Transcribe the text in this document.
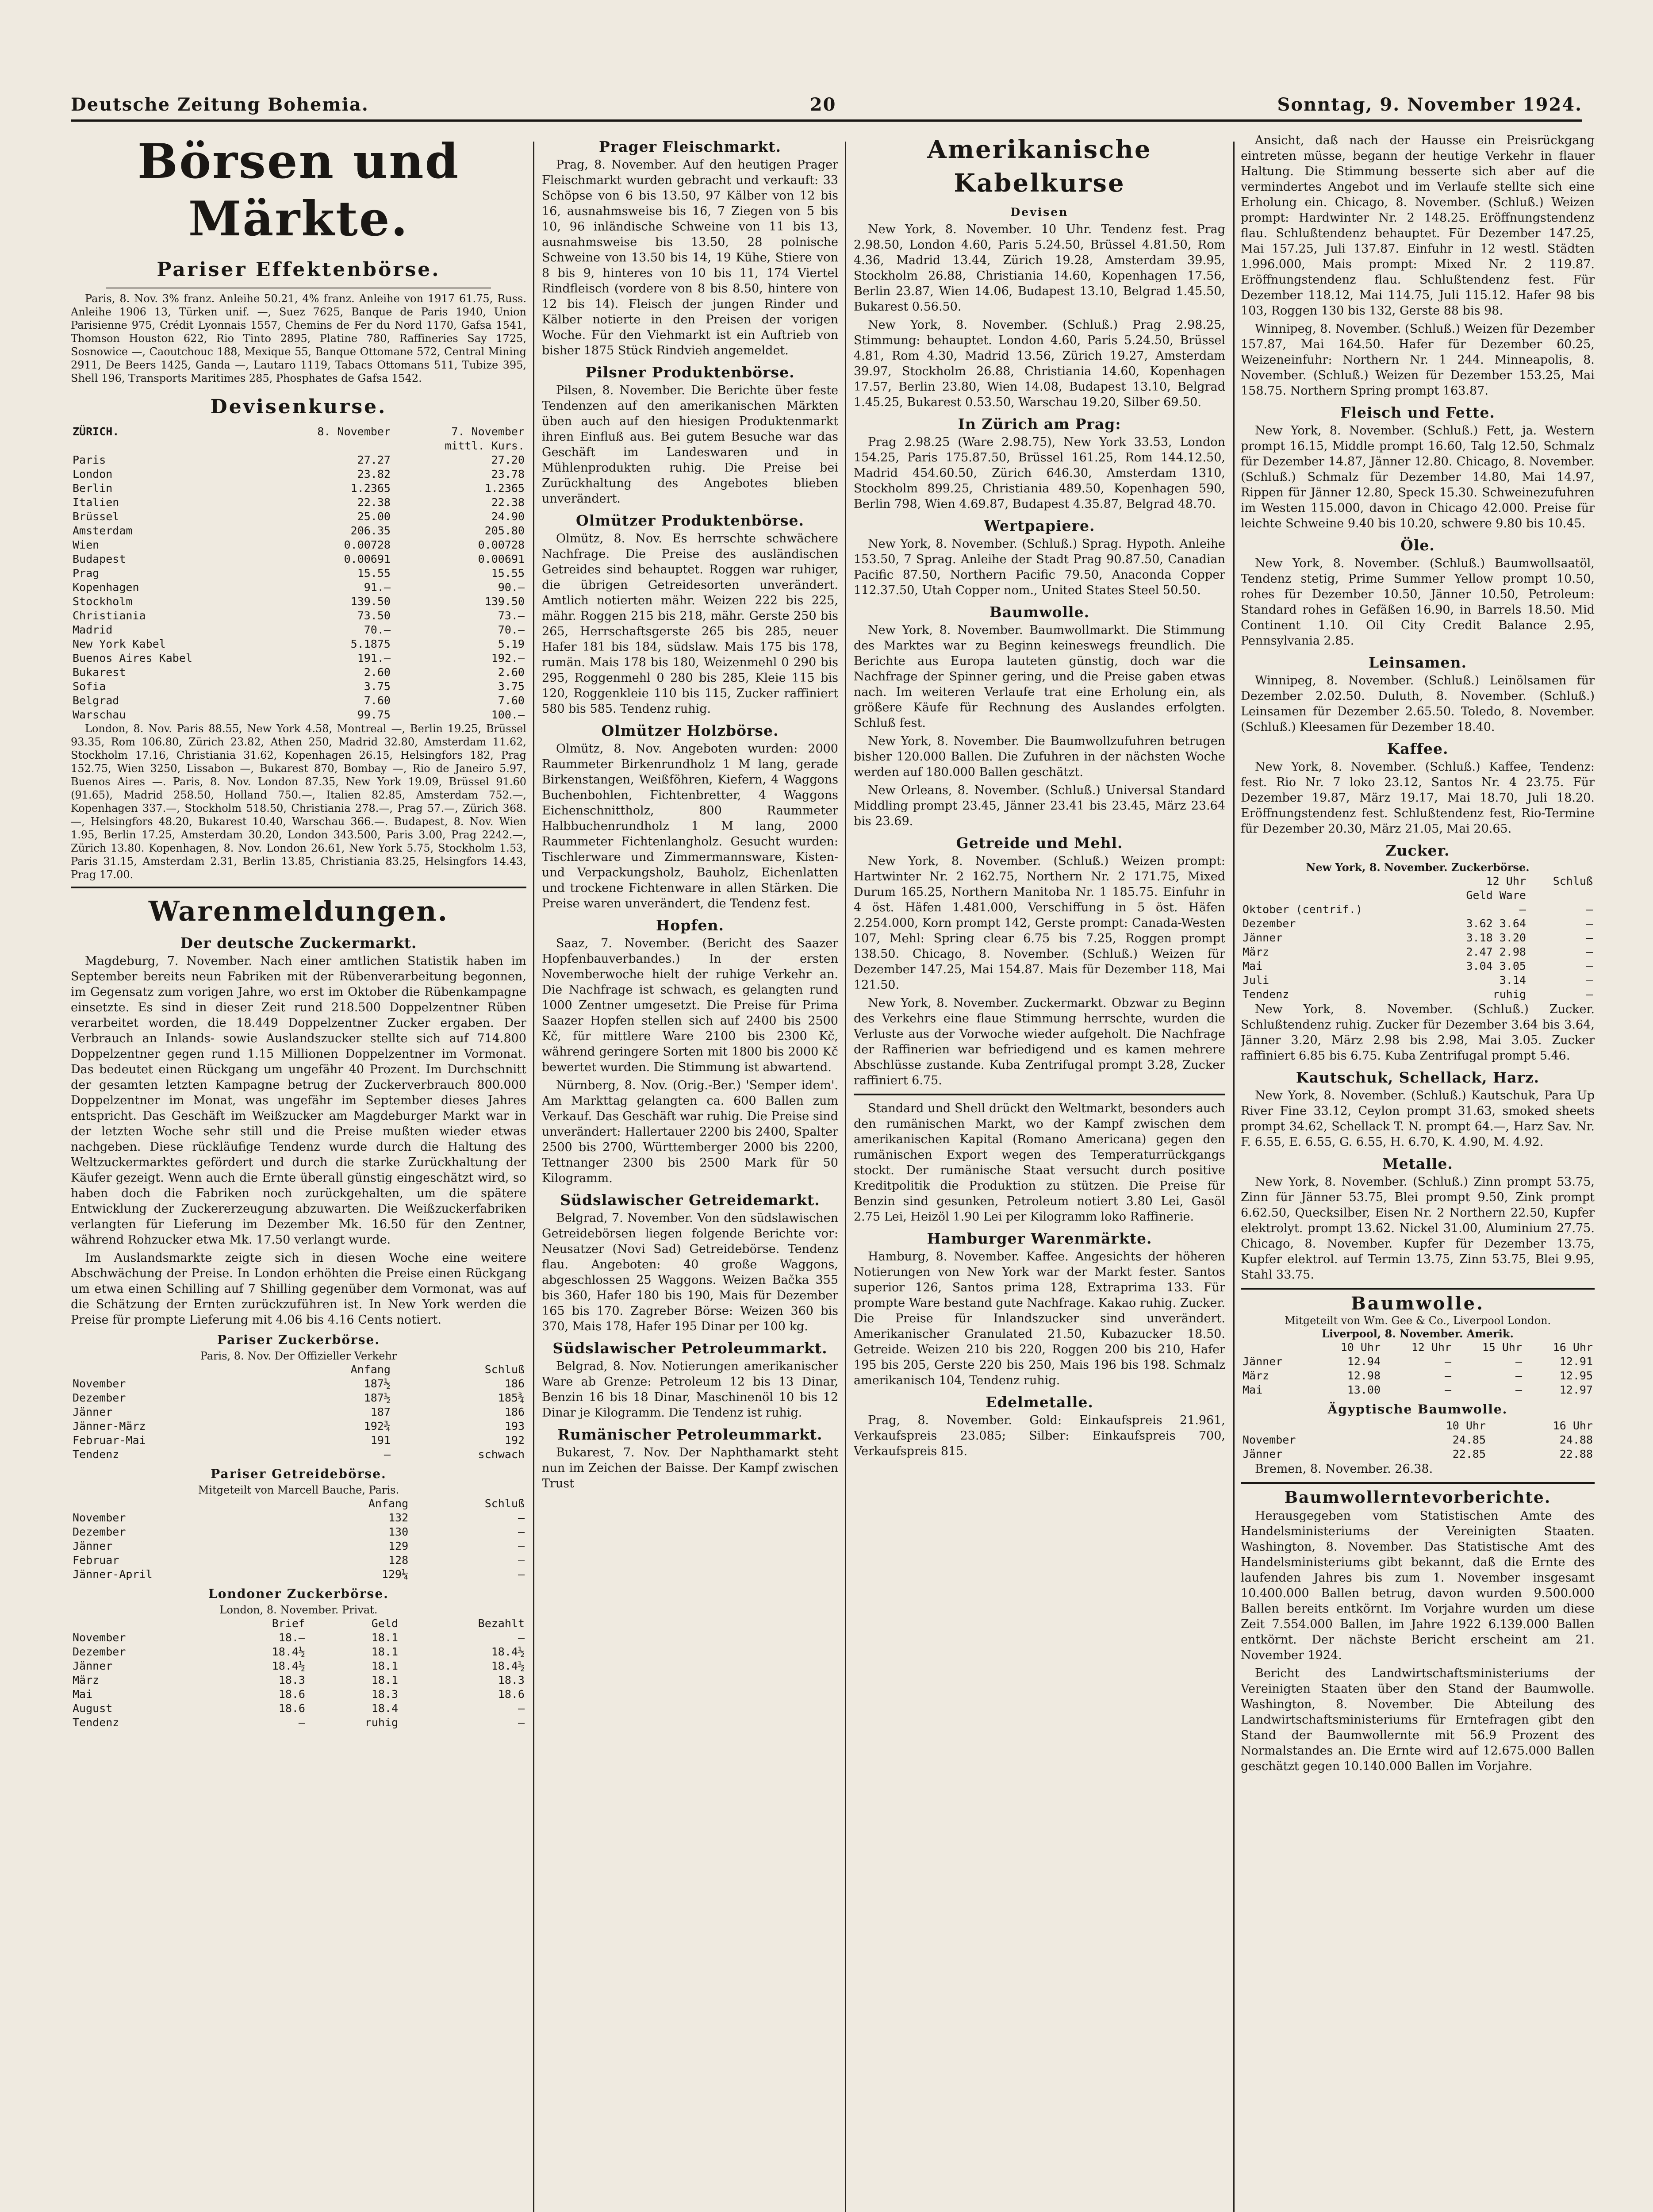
Deutsche Zeitung Bohemia.	20	Sonntag, 9. November 1924.
Börsen und Märkte.
Pariser Effektenbörse.

Paris, 8. Nov. 3% franz. Anleihe 50.21, 4% franz. Anleihe von 1917 61.75, Russ. Anleihe 1906 13, Türken unif. —, Suez 7625, Banque de Paris 1940, Union Parisienne 975, Crédit Lyonnais 1557, Chemins de Fer du Nord 1170, Gafsa 1541, Thomson Houston 622, Rio Tinto 2895, Platine 780, Raffineries Say 1725, Sosnowice —, Caoutchouc 188, Mexique 55, Banque Ottomane 572, Central Mining 2911, De Beers 1425, Ganda —, Lautaro 1119, Tabacs Ottomans 511, Tubize 395, Shell 196, Transports Maritimes 285, Phosphates de Gafsa 1542.

Devisenkurse.
ZÜRICH.	8. November	7. November
		mittl. Kurs.
Paris	27.27	27.20
London	23.82	23.78
Berlin	1.2365	1.2365
Italien	22.38	22.38
Brüssel	25.00	24.90
Amsterdam	206.35	205.80
Wien	0.00728	0.00728
Budapest	0.00691	0.00691
Prag	15.55	15.55
Kopenhagen	91.—	90.—
Stockholm	139.50	139.50
Christiania	73.50	73.—
Madrid	70.—	70.—
New York Kabel	5.1875	5.19
Buenos Aires Kabel	191.—	192.—
Bukarest	2.60	2.60
Sofia	3.75	3.75
Belgrad	7.60	7.60
Warschau	99.75	100.—

London, 8. Nov. Paris 88.55, New York 4.58, Montreal —, Berlin 19.25, Brüssel 93.35, Rom 106.80, Zürich 23.82, Athen 250, Madrid 32.80, Amsterdam 11.62, Stockholm 17.16, Christiania 31.62, Kopenhagen 26.15, Helsingfors 182, Prag 152.75, Wien 3250, Lissabon —, Bukarest 870, Bombay —, Rio de Janeiro 5.97, Buenos Aires —. Paris, 8. Nov. London 87.35, New York 19.09, Brüssel 91.60 (91.65), Madrid 258.50, Holland 750.—, Italien 82.85, Amsterdam 752.—, Kopenhagen 337.—, Stockholm 518.50, Christiania 278.—, Prag 57.—, Zürich 368.—, Helsingfors 48.20, Bukarest 10.40, Warschau 366.—. Budapest, 8. Nov. Wien 1.95, Berlin 17.25, Amsterdam 30.20, London 343.500, Paris 3.00, Prag 2242.—, Zürich 13.80. Kopenhagen, 8. Nov. London 26.61, New York 5.75, Stockholm 1.53, Paris 31.15, Amsterdam 2.31, Berlin 13.85, Christiania 83.25, Helsingfors 14.43, Prag 17.00.

Warenmeldungen.
Der deutsche Zuckermarkt.

Magdeburg, 7. November. Nach einer amtlichen Statistik haben im September bereits neun Fabriken mit der Rübenverarbeitung begonnen, im Gegensatz zum vorigen Jahre, wo erst im Oktober die Rübenkampagne einsetzte. Es sind in dieser Zeit rund 218.500 Doppelzentner Rüben verarbeitet worden, die 18.449 Doppelzentner Zucker ergaben. Der Verbrauch an Inlands- sowie Auslandszucker stellte sich auf 714.800 Doppelzentner gegen rund 1.15 Millionen Doppelzentner im Vormonat. Das bedeutet einen Rückgang um ungefähr 40 Prozent. Im Durchschnitt der gesamten letzten Kampagne betrug der Zuckerverbrauch 800.000 Doppelzentner im Monat, was ungefähr im September dieses Jahres entspricht. Das Geschäft im Weißzucker am Magdeburger Markt war in der letzten Woche sehr still und die Preise mußten wieder etwas nachgeben. Diese rückläufige Tendenz wurde durch die Haltung des Weltzuckermarktes gefördert und durch die starke Zurückhaltung der Käufer gezeigt. Wenn auch die Ernte überall günstig eingeschätzt wird, so haben doch die Fabriken noch zurückgehalten, um die spätere Entwicklung der Zuckererzeugung abzuwarten. Die Weißzuckerfabriken verlangten für Lieferung im Dezember Mk. 16.50 für den Zentner, während Rohzucker etwa Mk. 17.50 verlangt wurde.

Im Auslandsmarkte zeigte sich in diesen Woche eine weitere Abschwächung der Preise. In London erhöhten die Preise einen Rückgang um etwa einen Schilling auf 7 Shilling gegenüber dem Vormonat, was auf die Schätzung der Ernten zurückzuführen ist. In New York werden die Preise für prompte Lieferung mit 4.06 bis 4.16 Cents notiert.

Pariser Zuckerbörse.
Paris, 8. Nov. Der Offizieller Verkehr
	Anfang	Schluß
November	187½	186
Dezember	187½	185¾
Jänner	187	186
Jänner-März	192¾	193
Februar-Mai	191	192
Tendenz	—	schwach
Pariser Getreidebörse.
Mitgeteilt von Marcell Bauche, Paris.
	Anfang	Schluß
November	132	—
Dezember	130	—
Jänner	129	—
Februar	128	—
Jänner-April	129¼	—
Londoner Zuckerbörse.
London, 8. November. Privat.
	Brief	Geld	Bezahlt
November	18.—	18.1	—
Dezember	18.4½	18.1	18.4½
Jänner	18.4½	18.1	18.4½
März	18.3	18.1	18.3
Mai	18.6	18.3	18.6
August	18.6	18.4	—
Tendenz	—	ruhig	—
Prager Fleischmarkt.

Prag, 8. November. Auf den heutigen Prager Fleischmarkt wurden gebracht und verkauft: 33 Schöpse von 6 bis 13.50, 97 Kälber von 12 bis 16, ausnahmsweise bis 16, 7 Ziegen von 5 bis 10, 96 inländische Schweine von 11 bis 13, ausnahmsweise bis 13.50, 28 polnische Schweine von 13.50 bis 14, 19 Kühe, Stiere von 8 bis 9, hinteres von 10 bis 11, 174 Viertel Rindfleisch (vordere von 8 bis 8.50, hintere von 12 bis 14). Fleisch der jungen Rinder und Kälber notierte in den Preisen der vorigen Woche. Für den Viehmarkt ist ein Auftrieb von bisher 1875 Stück Rindvieh angemeldet.

Pilsner Produktenbörse.

Pilsen, 8. November. Die Berichte über feste Tendenzen auf den amerikanischen Märkten üben auch auf den hiesigen Produktenmarkt ihren Einfluß aus. Bei gutem Besuche war das Geschäft im Landeswaren und in Mühlenprodukten ruhig. Die Preise bei Zurückhaltung des Angebotes blieben unverändert.

Olmützer Produktenbörse.

Olmütz, 8. Nov. Es herrschte schwächere Nachfrage. Die Preise des ausländischen Getreides sind behauptet. Roggen war ruhiger, die übrigen Getreidesorten unverändert. Amtlich notierten mähr. Weizen 222 bis 225, mähr. Roggen 215 bis 218, mähr. Gerste 250 bis 265, Herrschaftsgerste 265 bis 285, neuer Hafer 181 bis 184, südslaw. Mais 175 bis 178, rumän. Mais 178 bis 180, Weizenmehl 0 290 bis 295, Roggenmehl 0 280 bis 285, Kleie 115 bis 120, Roggenkleie 110 bis 115, Zucker raffiniert 580 bis 585. Tendenz ruhig.

Olmützer Holzbörse.

Olmütz, 8. Nov. Angeboten wurden: 2000 Raummeter Birkenrundholz 1 M lang, gerade Birkenstangen, Weißföhren, Kiefern, 4 Waggons Buchenbohlen, Fichtenbretter, 4 Waggons Eichenschnittholz, 800 Raummeter Halbbuchenrundholz 1 M lang, 2000 Raummeter Fichtenlangholz. Gesucht wurden: Tischlerware und Zimmermannsware, Kisten- und Verpackungsholz, Bauholz, Eichenlatten und trockene Fichtenware in allen Stärken. Die Preise waren unverändert, die Tendenz fest.

Hopfen.

Saaz, 7. November. (Bericht des Saazer Hopfenbauverbandes.) In der ersten Novemberwoche hielt der ruhige Verkehr an. Die Nachfrage ist schwach, es gelangten rund 1000 Zentner umgesetzt. Die Preise für Prima Saazer Hopfen stellen sich auf 2400 bis 2500 Kč, für mittlere Ware 2100 bis 2300 Kč, während geringere Sorten mit 1800 bis 2000 Kč bewertet wurden. Die Stimmung ist abwartend.

Nürnberg, 8. Nov. (Orig.-Ber.) 'Semper idem'. Am Markttag gelangten ca. 600 Ballen zum Verkauf. Das Geschäft war ruhig. Die Preise sind unverändert: Hallertauer 2200 bis 2400, Spalter 2500 bis 2700, Württemberger 2000 bis 2200, Tettnanger 2300 bis 2500 Mark für 50 Kilogramm.

Südslawischer Getreidemarkt.

Belgrad, 7. November. Von den südslawischen Getreidebörsen liegen folgende Berichte vor: Neusatzer (Novi Sad) Getreidebörse. Tendenz flau. Angeboten: 40 große Waggons, abgeschlossen 25 Waggons. Weizen Bačka 355 bis 360, Hafer 180 bis 190, Mais für Dezember 165 bis 170. Zagreber Börse: Weizen 360 bis 370, Mais 178, Hafer 195 Dinar per 100 kg.

Südslawischer Petroleummarkt.

Belgrad, 8. Nov. Notierungen amerikanischer Ware ab Grenze: Petroleum 12 bis 13 Dinar, Benzin 16 bis 18 Dinar, Maschinenöl 10 bis 12 Dinar je Kilogramm. Die Tendenz ist ruhig.

Rumänischer Petroleummarkt.

Bukarest, 7. Nov. Der Naphthamarkt steht nun im Zeichen der Baisse. Der Kampf zwischen Trust

Amerikanische Kabelkurse
Devisen

New York, 8. November. 10 Uhr. Tendenz fest. Prag 2.98.50, London 4.60, Paris 5.24.50, Brüssel 4.81.50, Rom 4.36, Madrid 13.44, Zürich 19.28, Amsterdam 39.95, Stockholm 26.88, Christiania 14.60, Kopenhagen 17.56, Berlin 23.87, Wien 14.06, Budapest 13.10, Belgrad 1.45.50, Bukarest 0.56.50.

New York, 8. November. (Schluß.) Prag 2.98.25, Stimmung: behauptet. London 4.60, Paris 5.24.50, Brüssel 4.81, Rom 4.30, Madrid 13.56, Zürich 19.27, Amsterdam 39.97, Stockholm 26.88, Christiania 14.60, Kopenhagen 17.57, Berlin 23.80, Wien 14.08, Budapest 13.10, Belgrad 1.45.25, Bukarest 0.53.50, Warschau 19.20, Silber 69.50.

In Zürich am Prag:

Prag 2.98.25 (Ware 2.98.75), New York 33.53, London 154.25, Paris 175.87.50, Brüssel 161.25, Rom 144.12.50, Madrid 454.60.50, Zürich 646.30, Amsterdam 1310, Stockholm 899.25, Christiania 489.50, Kopenhagen 590, Berlin 798, Wien 4.69.87, Budapest 4.35.87, Belgrad 48.70.

Wertpapiere.

New York, 8. November. (Schluß.) Sprag. Hypoth. Anleihe 153.50, 7 Sprag. Anleihe der Stadt Prag 90.87.50, Canadian Pacific 87.50, Northern Pacific 79.50, Anaconda Copper 112.37.50, Utah Copper nom., United States Steel 50.50.

Baumwolle.

New York, 8. November. Baumwollmarkt. Die Stimmung des Marktes war zu Beginn keineswegs freundlich. Die Berichte aus Europa lauteten günstig, doch war die Nachfrage der Spinner gering, und die Preise gaben etwas nach. Im weiteren Verlaufe trat eine Erholung ein, als größere Käufe für Rechnung des Auslandes erfolgten. Schluß fest.

New York, 8. November. Die Baumwollzufuhren betrugen bisher 120.000 Ballen. Die Zufuhren in der nächsten Woche werden auf 180.000 Ballen geschätzt.

New Orleans, 8. November. (Schluß.) Universal Standard Middling prompt 23.45, Jänner 23.41 bis 23.45, März 23.64 bis 23.69.

Getreide und Mehl.

New York, 8. November. (Schluß.) Weizen prompt: Hartwinter Nr. 2 162.75, Northern Nr. 2 171.75, Mixed Durum 165.25, Northern Manitoba Nr. 1 185.75. Einfuhr in 4 öst. Häfen 1.481.000, Verschiffung in 5 öst. Häfen 2.254.000, Korn prompt 142, Gerste prompt: Canada-Westen 107, Mehl: Spring clear 6.75 bis 7.25, Roggen prompt 138.50. Chicago, 8. November. (Schluß.) Weizen für Dezember 147.25, Mai 154.87. Mais für Dezember 118, Mai 121.50.

New York, 8. November. Zuckermarkt. Obzwar zu Beginn des Verkehrs eine flaue Stimmung herrschte, wurden die Verluste aus der Vorwoche wieder aufgeholt. Die Nachfrage der Raffinerien war befriedigend und es kamen mehrere Abschlüsse zustande. Kuba Zentrifugal prompt 3.28, Zucker raffiniert 6.75.

Standard und Shell drückt den Weltmarkt, besonders auch den rumänischen Markt, wo der Kampf zwischen dem amerikanischen Kapital (Romano Americana) gegen den rumänischen Export wegen des Temperaturrückgangs stockt. Der rumänische Staat versucht durch positive Kreditpolitik die Produktion zu stützen. Die Preise für Benzin sind gesunken, Petroleum notiert 3.80 Lei, Gasöl 2.75 Lei, Heizöl 1.90 Lei per Kilogramm loko Raffinerie.

Hamburger Warenmärkte.

Hamburg, 8. November. Kaffee. Angesichts der höheren Notierungen von New York war der Markt fester. Santos superior 126, Santos prima 128, Extraprima 133. Für prompte Ware bestand gute Nachfrage. Kakao ruhig. Zucker. Die Preise für Inlandszucker sind unverändert. Amerikanischer Granulated 21.50, Kubazucker 18.50. Getreide. Weizen 210 bis 220, Roggen 200 bis 210, Hafer 195 bis 205, Gerste 220 bis 250, Mais 196 bis 198. Schmalz amerikanisch 104, Tendenz ruhig.

Edelmetalle.

Prag, 8. November. Gold: Einkaufspreis 21.961, Verkaufspreis 23.085; Silber: Einkaufspreis 700, Verkaufspreis 815.

Ansicht, daß nach der Hausse ein Preisrückgang eintreten müsse, begann der heutige Verkehr in flauer Haltung. Die Stimmung besserte sich aber auf die vermindertes Angebot und im Verlaufe stellte sich eine Erholung ein. Chicago, 8. November. (Schluß.) Weizen prompt: Hardwinter Nr. 2 148.25. Eröffnungstendenz flau. Schlußtendenz behauptet. Für Dezember 147.25, Mai 157.25, Juli 137.87. Einfuhr in 12 westl. Städten 1.996.000, Mais prompt: Mixed Nr. 2 119.87. Eröffnungstendenz flau. Schlußtendenz fest. Für Dezember 118.12, Mai 114.75, Juli 115.12. Hafer 98 bis 103, Roggen 130 bis 132, Gerste 88 bis 98.

Winnipeg, 8. November. (Schluß.) Weizen für Dezember 157.87, Mai 164.50. Hafer für Dezember 60.25, Weizeneinfuhr: Northern Nr. 1 244. Minneapolis, 8. November. (Schluß.) Weizen für Dezember 153.25, Mai 158.75. Northern Spring prompt 163.87.

Fleisch und Fette.

New York, 8. November. (Schluß.) Fett, ja. Western prompt 16.15, Middle prompt 16.60, Talg 12.50, Schmalz für Dezember 14.87, Jänner 12.80. Chicago, 8. November. (Schluß.) Schmalz für Dezember 14.80, Mai 14.97, Rippen für Jänner 12.80, Speck 15.30. Schweinezufuhren im Westen 115.000, davon in Chicago 42.000. Preise für leichte Schweine 9.40 bis 10.20, schwere 9.80 bis 10.45.

Öle.

New York, 8. November. (Schluß.) Baumwollsaatöl, Tendenz stetig, Prime Summer Yellow prompt 10.50, rohes für Dezember 10.50, Jänner 10.50, Petroleum: Standard rohes in Gefäßen 16.90, in Barrels 18.50. Mid Continent 1.10. Oil City Credit Balance 2.95, Pennsylvania 2.85.

Leinsamen.

Winnipeg, 8. November. (Schluß.) Leinölsamen für Dezember 2.02.50. Duluth, 8. November. (Schluß.) Leinsamen für Dezember 2.65.50. Toledo, 8. November. (Schluß.) Kleesamen für Dezember 18.40.

Kaffee.

New York, 8. November. (Schluß.) Kaffee, Tendenz: fest. Rio Nr. 7 loko 23.12, Santos Nr. 4 23.75. Für Dezember 19.87, März 19.17, Mai 18.70, Juli 18.20. Eröffnungstendenz fest. Schlußtendenz fest, Rio-Termine für Dezember 20.30, März 21.05, Mai 20.65.

Zucker.
New York, 8. November. Zuckerbörse.
	12 Uhr	Schluß
	Geld Ware	
Oktober (centrif.)	—	—
Dezember	3.62 3.64	—
Jänner	3.18 3.20	—
März	2.47 2.98	—
Mai	3.04 3.05	—
Juli	3.14	—
Tendenz	ruhig	—

New York, 8. November. (Schluß.) Zucker. Schlußtendenz ruhig. Zucker für Dezember 3.64 bis 3.64, Jänner 3.20, März 2.98 bis 2.98, Mai 3.05. Zucker raffiniert 6.85 bis 6.75. Kuba Zentrifugal prompt 5.46.

Kautschuk, Schellack, Harz.

New York, 8. November. (Schluß.) Kautschuk, Para Up River Fine 33.12, Ceylon prompt 31.63, smoked sheets prompt 34.62, Schellack T. N. prompt 64.—, Harz Sav. Nr. F. 6.55, E. 6.55, G. 6.55, H. 6.70, K. 4.90, M. 4.92.

Metalle.

New York, 8. November. (Schluß.) Zinn prompt 53.75, Zinn für Jänner 53.75, Blei prompt 9.50, Zink prompt 6.62.50, Quecksilber, Eisen Nr. 2 Northern 22.50, Kupfer elektrolyt. prompt 13.62. Nickel 31.00, Aluminium 27.75. Chicago, 8. November. Kupfer für Dezember 13.75, Kupfer elektrol. auf Termin 13.75, Zinn 53.75, Blei 9.95, Stahl 33.75.

Baumwolle.
Mitgeteilt von Wm. Gee & Co., Liverpool London.
Liverpool, 8. November. Amerik.
	10 Uhr	12 Uhr	15 Uhr	16 Uhr
Jänner	12.94	—	—	12.91
März	12.98	—	—	12.95
Mai	13.00	—	—	12.97
Ägyptische Baumwolle.
	10 Uhr	16 Uhr
November	24.85	24.88
Jänner	22.85	22.88

Bremen, 8. November. 26.38.

Baumwollerntevorberichte.

Herausgegeben vom Statistischen Amte des Handelsministeriums der Vereinigten Staaten. Washington, 8. November. Das Statistische Amt des Handelsministeriums gibt bekannt, daß die Ernte des laufenden Jahres bis zum 1. November insgesamt 10.400.000 Ballen betrug, davon wurden 9.500.000 Ballen bereits entkörnt. Im Vorjahre wurden um diese Zeit 7.554.000 Ballen, im Jahre 1922 6.139.000 Ballen entkörnt. Der nächste Bericht erscheint am 21. November 1924.

Bericht des Landwirtschaftsministeriums der Vereinigten Staaten über den Stand der Baumwolle. Washington, 8. November. Die Abteilung des Landwirtschaftsministeriums für Erntefragen gibt den Stand der Baumwollernte mit 56.9 Prozent des Normalstandes an. Die Ernte wird auf 12.675.000 Ballen geschätzt gegen 10.140.000 Ballen im Vorjahre.
